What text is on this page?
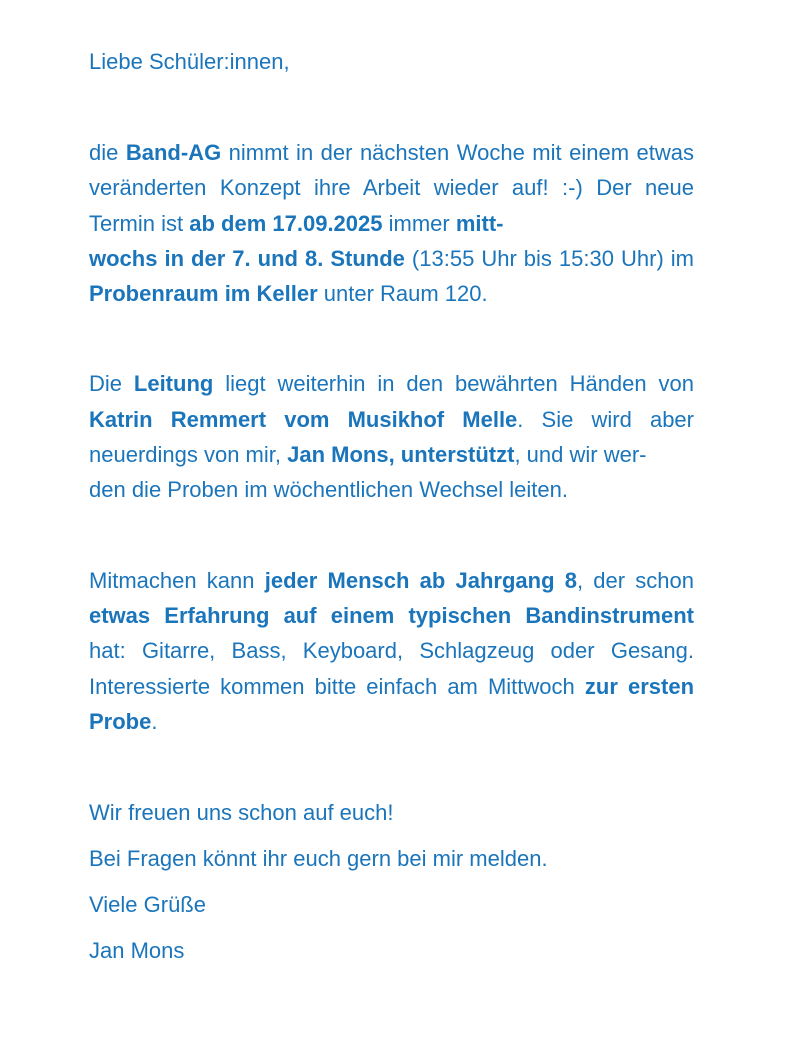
Liebe Schüler:innen,

die Band-AG nimmt in der nächsten Woche mit einem etwas veränderten Konzept ihre Arbeit wieder auf! :-) Der neue Termin ist ab dem 17.09.2025 immer mitt-
wochs in der 7. und 8. Stunde (13:55 Uhr bis 15:30 Uhr) im Probenraum im Keller unter Raum 120.

Die Leitung liegt weiterhin in den bewährten Händen von Katrin Remmert vom Musikhof Melle. Sie wird aber neuerdings von mir, Jan Mons, unterstützt, und wir wer-
den die Proben im wöchentlichen Wechsel leiten.

Mitmachen kann jeder Mensch ab Jahrgang 8, der schon etwas Erfahrung auf einem typischen Bandinstrument hat: Gitarre, Bass, Keyboard, Schlagzeug oder Gesang. Interessierte kommen bitte einfach am Mittwoch zur ersten Probe.

Wir freuen uns schon auf euch!

Bei Fragen könnt ihr euch gern bei mir melden.

Viele Grüße

Jan Mons
